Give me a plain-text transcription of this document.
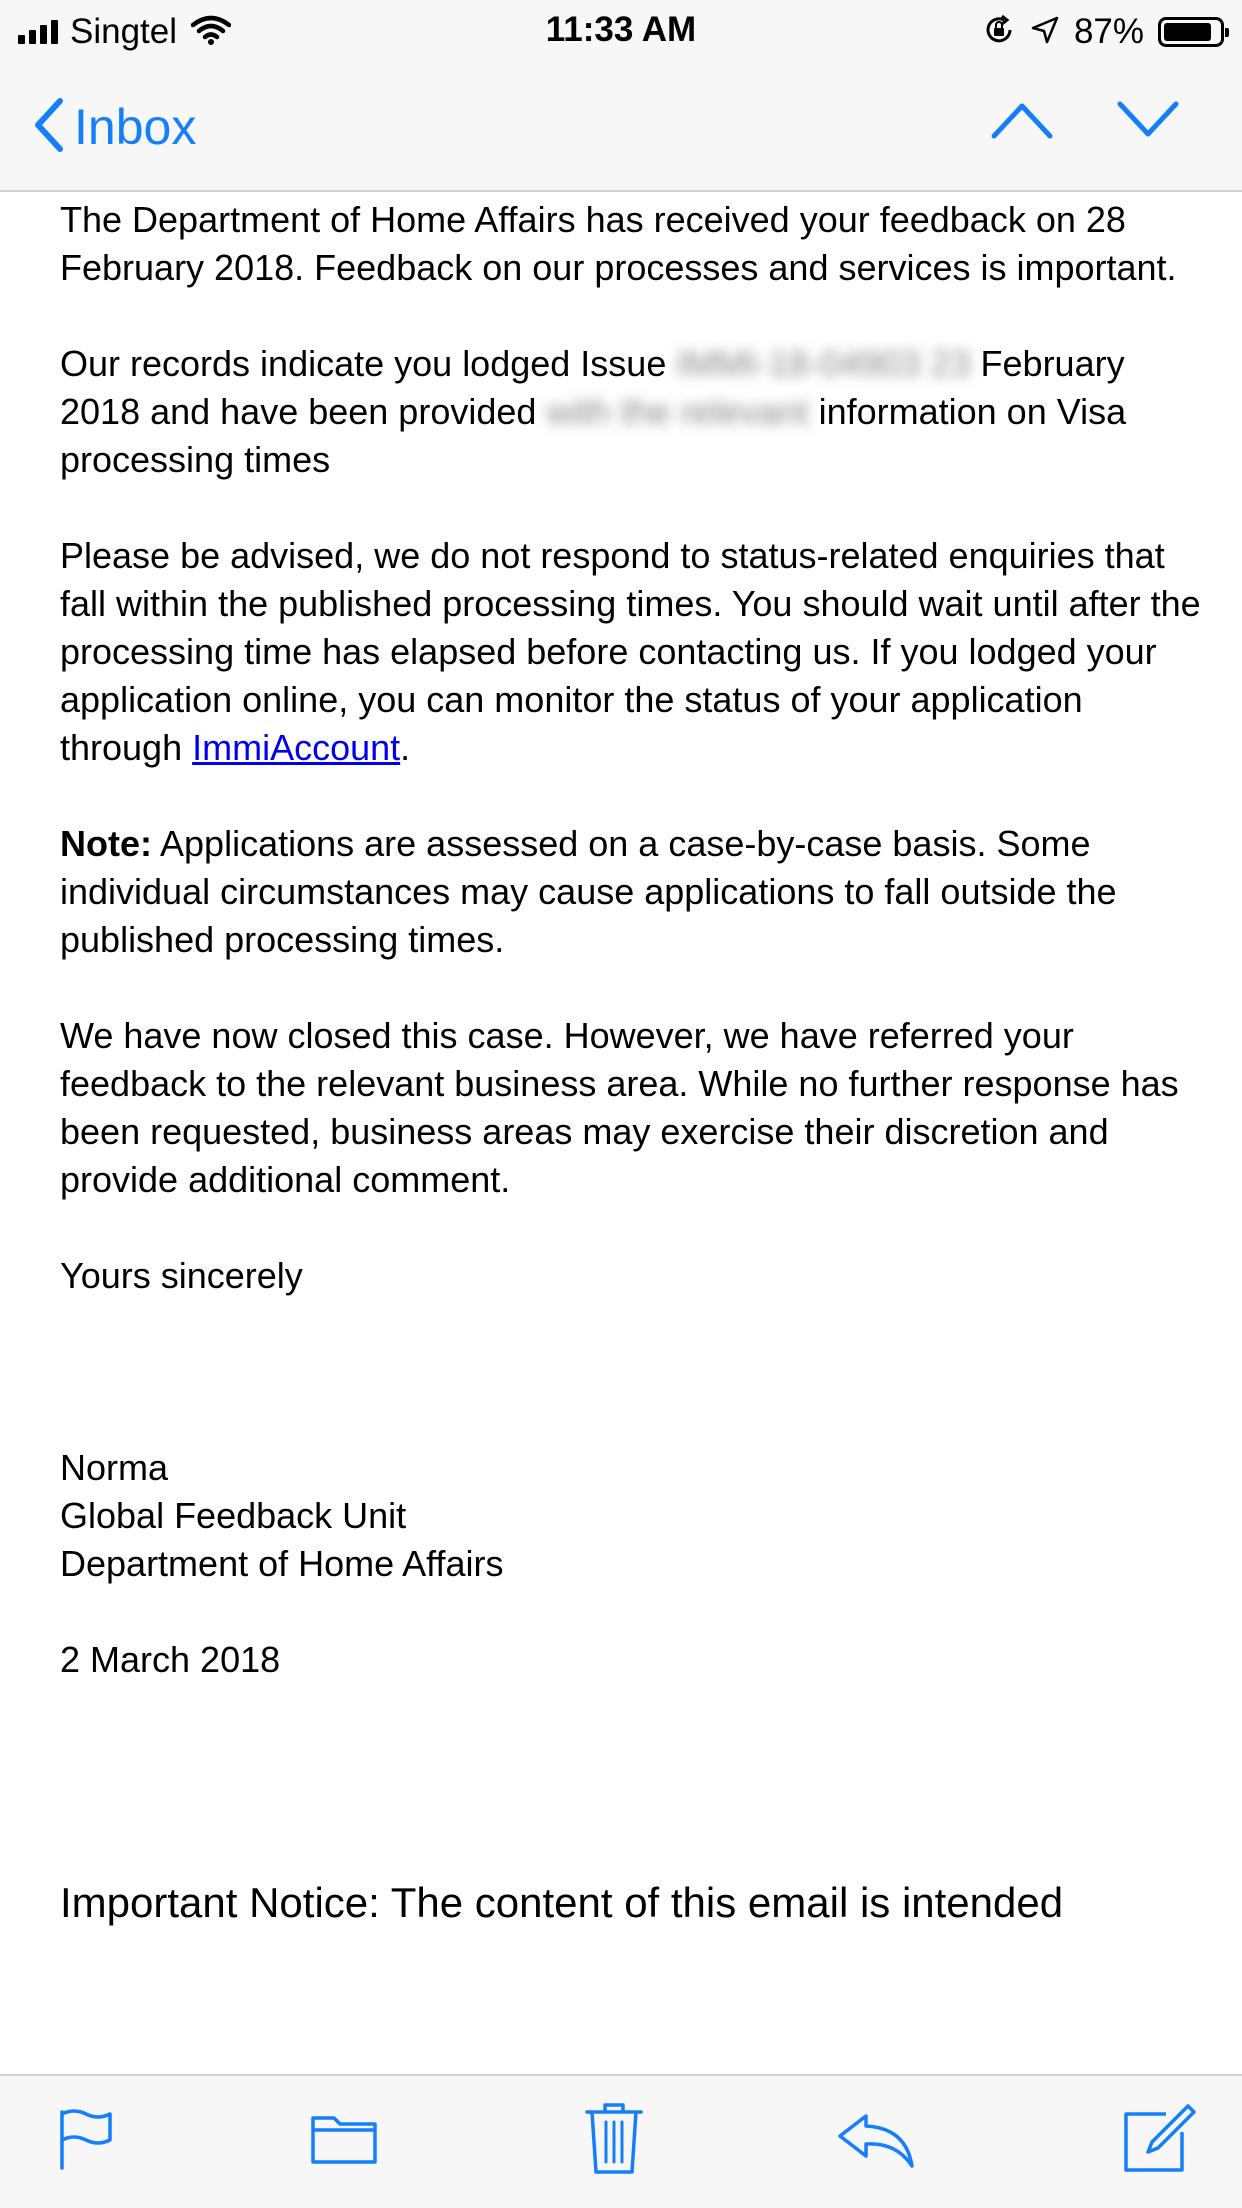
Singtel	11:33 AM	87%
Inbox

The Department of Home Affairs has received your feedback on 28 February 2018. Feedback on our processes and services is important.

Our records indicate you lodged Issue IMMI-18-04903 23 February 2018 and have been provided with the relevant information on Visa processing times

Please be advised, we do not respond to status-related enquiries that fall within the published processing times. You should wait until after the processing time has elapsed before contacting us. If you lodged your application online, you can monitor the status of your application through ImmiAccount.

Note: Applications are assessed on a case-by-case basis. Some individual circumstances may cause applications to fall outside the published processing times.

We have now closed this case. However, we have referred your feedback to the relevant business area. While no further response has been requested, business areas may exercise their discretion and provide additional comment.

Yours sincerely

Norma

Global Feedback Unit

Department of Home Affairs

2 March 2018

Important Notice: The content of this email is intended
